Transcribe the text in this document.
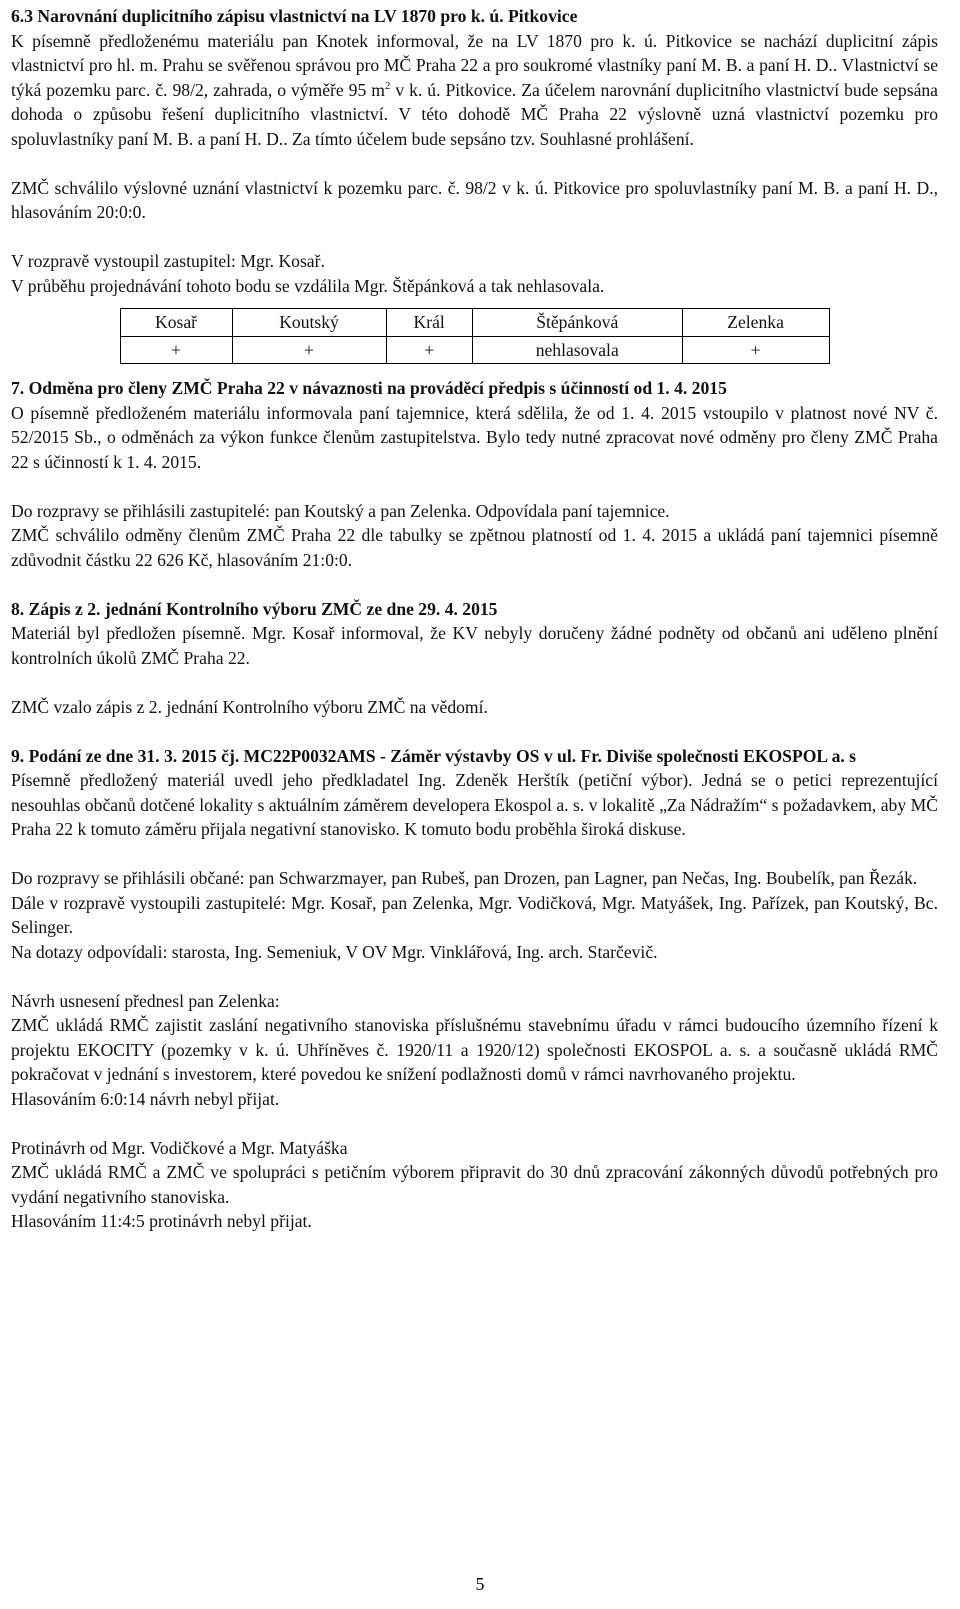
6.3 Narovnání duplicitního zápisu vlastnictví na LV 1870 pro k. ú. Pitkovice

K písemně předloženému materiálu pan Knotek informoval, že na LV 1870 pro k. ú. Pitkovice se nachází duplicitní zápis vlastnictví pro hl. m. Prahu se svěřenou správou pro MČ Praha 22 a pro soukromé vlastníky paní M. B. a paní H. D.. Vlastnictví se týká pozemku parc. č. 98/2, zahrada, o výměře 95 $m^2$ v k. ú. Pitkovice. Za účelem narovnání duplicitního vlastnictví bude sepsána dohoda o způsobu řešení duplicitního vlastnictví. V této dohodě MČ Praha 22 výslovně uzná vlastnictví pozemku pro spoluvlastníky paní M. B. a paní H. D.. Za tímto účelem bude sepsáno tzv. Souhlasné prohlášení.

ZMČ schválilo výslovné uznání vlastnictví k pozemku parc. č. 98/2 v k. ú. Pitkovice pro spoluvlastníky paní M. B. a paní H. D., hlasováním 20:0:0.

V rozpravě vystoupil zastupitel: Mgr. Kosař.

V průběhu projednávání tohoto bodu se vzdálila Mgr. Štěpánková a tak nehlasovala.

Kosař	Koutský	Král	Štěpánková	Zelenka
+	+	+	nehlasovala	+

7. Odměna pro členy ZMČ Praha 22 v návaznosti na prováděcí předpis s účinností od 1. 4. 2015

O písemně předloženém materiálu informovala paní tajemnice, která sdělila, že od 1. 4. 2015 vstoupilo v platnost nové NV č. 52/2015 Sb., o odměnách za výkon funkce členům zastupitelstva. Bylo tedy nutné zpracovat nové odměny pro členy ZMČ Praha 22 s účinností k 1. 4. 2015.

Do rozpravy se přihlásili zastupitelé: pan Koutský a pan Zelenka. Odpovídala paní tajemnice.

ZMČ schválilo odměny členům ZMČ Praha 22 dle tabulky se zpětnou platností od 1. 4. 2015 a ukládá paní tajemnici písemně zdůvodnit částku 22 626 Kč, hlasováním 21:0:0.

8. Zápis z 2. jednání Kontrolního výboru ZMČ ze dne 29. 4. 2015

Materiál byl předložen písemně. Mgr. Kosař informoval, že KV nebyly doručeny žádné podněty od občanů ani uděleno plnění kontrolních úkolů ZMČ Praha 22.

ZMČ vzalo zápis z 2. jednání Kontrolního výboru ZMČ na vědomí.

9. Podání ze dne 31. 3. 2015 čj. MC22P0032AMS - Záměr výstavby OS v ul. Fr. Diviše společnosti EKOSPOL a. s

Písemně předložený materiál uvedl jeho předkladatel Ing. Zdeněk Herštík (petiční výbor). Jedná se o petici reprezentující nesouhlas občanů dotčené lokality s aktuálním záměrem developera Ekospol a. s. v lokalitě „Za Nádražím“ s požadavkem, aby MČ Praha 22 k tomuto záměru přijala negativní stanovisko. K tomuto bodu proběhla široká diskuse.

Do rozpravy se přihlásili občané: pan Schwarzmayer, pan Rubeš, pan Drozen, pan Lagner, pan Nečas, Ing. Boubelík, pan Řezák.

Dále v rozpravě vystoupili zastupitelé: Mgr. Kosař, pan Zelenka, Mgr. Vodičková, Mgr. Matyášek, Ing. Pařízek, pan Koutský, Bc. Selinger.

Na dotazy odpovídali: starosta, Ing. Semeniuk, V OV Mgr. Vinklářová, Ing. arch. Starčevič.

Návrh usnesení přednesl pan Zelenka:

ZMČ ukládá RMČ zajistit zaslání negativního stanoviska příslušnému stavebnímu úřadu v rámci budoucího územního řízení k projektu EKOCITY (pozemky v k. ú. Uhříněves č. 1920/11 a 1920/12) společnosti EKOSPOL a. s. a současně ukládá RMČ pokračovat v jednání s investorem, které povedou ke snížení podlažnosti domů v rámci navrhovaného projektu.

Hlasováním 6:0:14 návrh nebyl přijat.

Protinávrh od Mgr. Vodičkové a Mgr. Matyáška

ZMČ ukládá RMČ a ZMČ ve spolupráci s petičním výborem připravit do 30 dnů zpracování zákonných důvodů potřebných pro vydání negativního stanoviska.

Hlasováním 11:4:5 protinávrh nebyl přijat.

5
